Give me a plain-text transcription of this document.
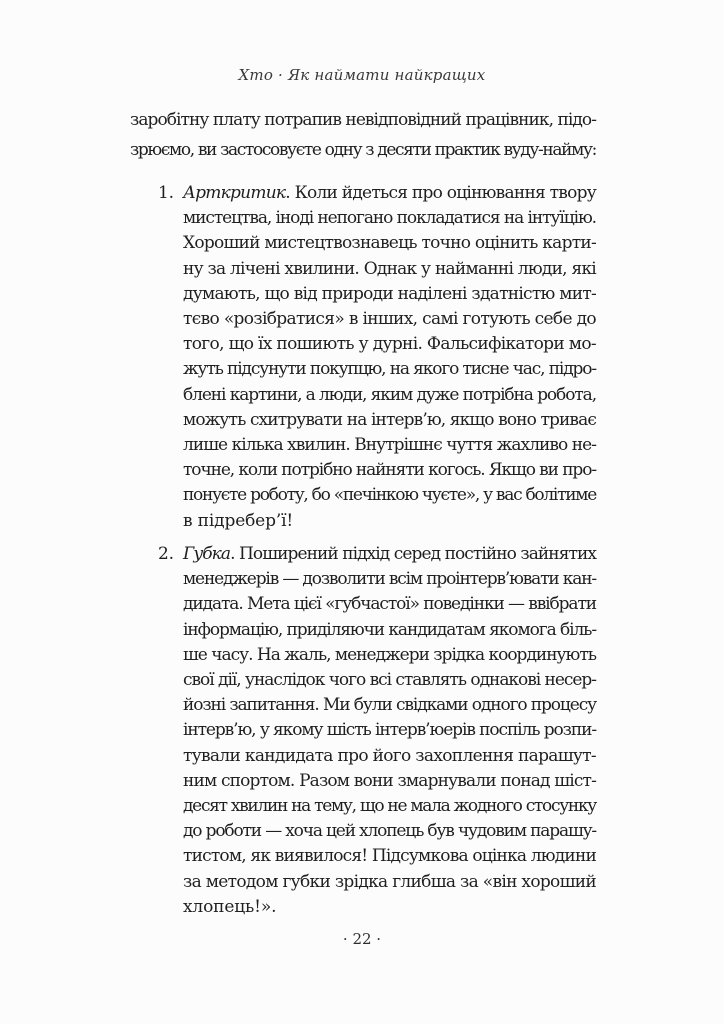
Хто · Як наймати найкращих
заробітну плату потрапив невідповідний працівник, підо-
зрюємо, ви застосовуєте одну з десяти практик вуду-найму:
1. Арткритик. Коли йдеться про оцінювання твору
мистецтва, іноді непогано покладатися на інтуїцію.
Хороший мистецтвознавець точно оцінить карти-
ну за лічені хвилини. Однак у найманні люди, які
думають, що від природи наділені здатністю мит-
тєво «розібратися» в інших, самі готують себе до
того, що їх пошиють у дурні. Фальсифікатори мо-
жуть підсунути покупцю, на якого тисне час, підро-
блені картини, а люди, яким дуже потрібна робота,
можуть схитрувати на інтерв’ю, якщо воно триває
лише кілька хвилин. Внутрішнє чуття жахливо не-
точне, коли потрібно найняти когось. Якщо ви про-
понуєте роботу, бо «печінкою чуєте», у вас болітиме
в підребер’ї!
2. Губка. Поширений підхід серед постійно зайнятих
менеджерів — дозволити всім проінтерв’ювати кан-
дидата. Мета цієї «губчастої» поведінки — ввібрати
інформацію, приділяючи кандидатам якомога біль-
ше часу. На жаль, менеджери зрідка координують
свої дії, унаслідок чого всі ставлять однакові несер-
йозні запитання. Ми були свідками одного процесу
інтерв’ю, у якому шість інтерв’юерів поспіль розпи-
тували кандидата про його захоплення парашут-
ним спортом. Разом вони змарнували понад шіст-
десят хвилин на тему, що не мала жодного стосунку
до роботи — хоча цей хлопець був чудовим парашу-
тистом, як виявилося! Підсумкова оцінка людини
за методом губки зрідка глибша за «він хороший
хлопець!».
· 22 ·
